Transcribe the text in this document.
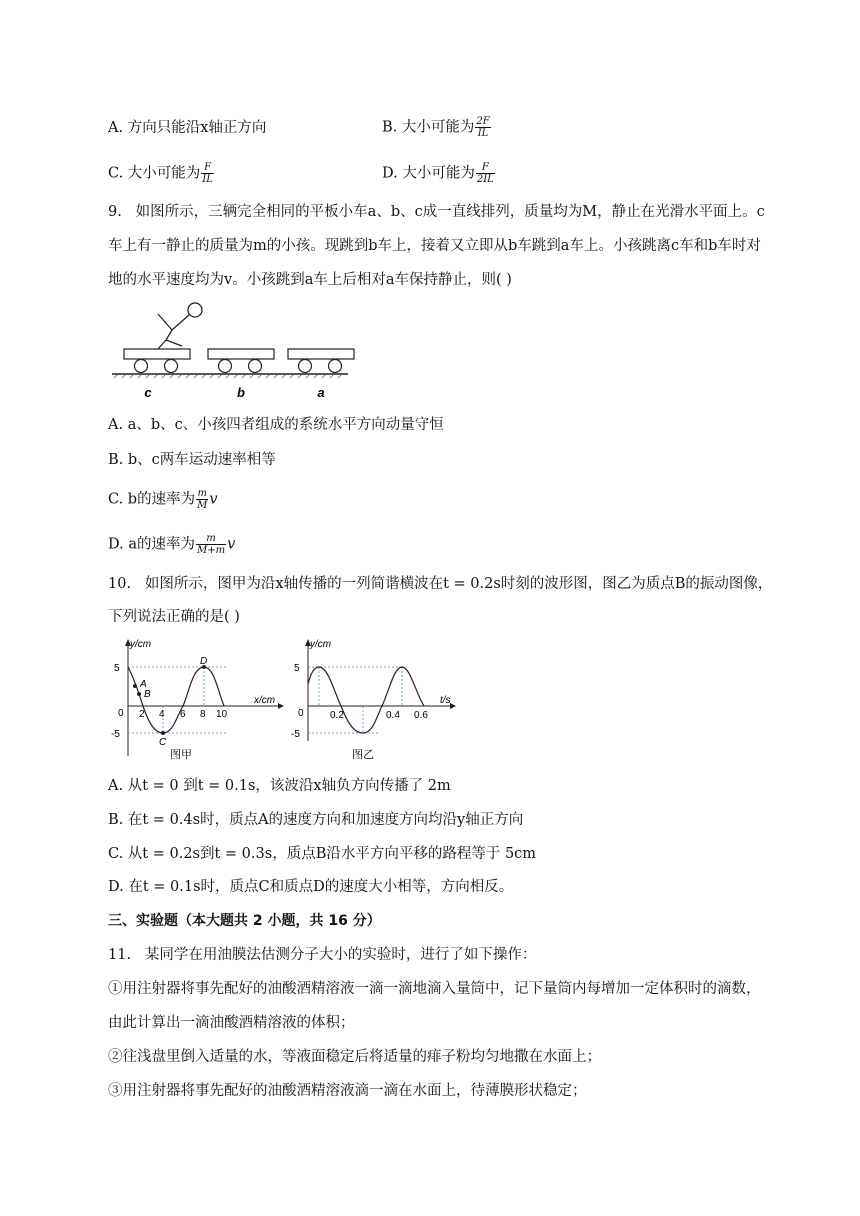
A. 方向只能沿x轴正方向	B. 大小可能为 $\frac{2F}{IL}$
C. 大小可能为 $\frac{F}{IL}$	D. 大小可能为 $\frac{F}{2IL}$
9. 如图所示，三辆完全相同的平板小车a、b、c成一直线排列，质量均为M，静止在光滑水平面上。c
车上有一静止的质量为m的小孩。现跳到b车上，接着又立即从b车跳到a车上。小孩跳离c车和b车时对
地的水平速度均为v。小孩跳到a车上后相对a车保持静止，则( )
c	b	a
A. a、b、c、小孩四者组成的系统水平方向动量守恒
B. b、c两车运动速率相等
C. b的速率为 $\frac{m}{M}$ v
D. a的速率为 $\frac{m}{M+m}$ v
10. 如图所示，图甲为沿x轴传播的一列简谐横波在t = 0.2s时刻的波形图，图乙为质点B的振动图像，
下列说法正确的是( )
y/cm
x/cm
5
-5
0 2 4 6 8 10
A
B
C
D
图甲
y/cm
t/s
5
-5
0	0.2	0.4 0.6
图乙
A. 从t = 0 到t = 0.1s，该波沿x轴负方向传播了 2m
B. 在t = 0.4s时，质点A的速度方向和加速度方向均沿y轴正方向
C. 从t = 0.2s到t = 0.3s，质点B沿水平方向平移的路程等于 5cm
D. 在t = 0.1s时，质点C和质点D的速度大小相等，方向相反。
三、实验题（本大题共 2 小题，共 16 分）
11. 某同学在用油膜法估测分子大小的实验时，进行了如下操作：
①用注射器将事先配好的油酸酒精溶液一滴一滴地滴入量筒中，记下量筒内每增加一定体积时的滴数，
由此计算出一滴油酸酒精溶液的体积；
②往浅盘里倒入适量的水，等液面稳定后将适量的痱子粉均匀地撒在水面上；
③用注射器将事先配好的油酸酒精溶液滴一滴在水面上，待薄膜形状稳定；
